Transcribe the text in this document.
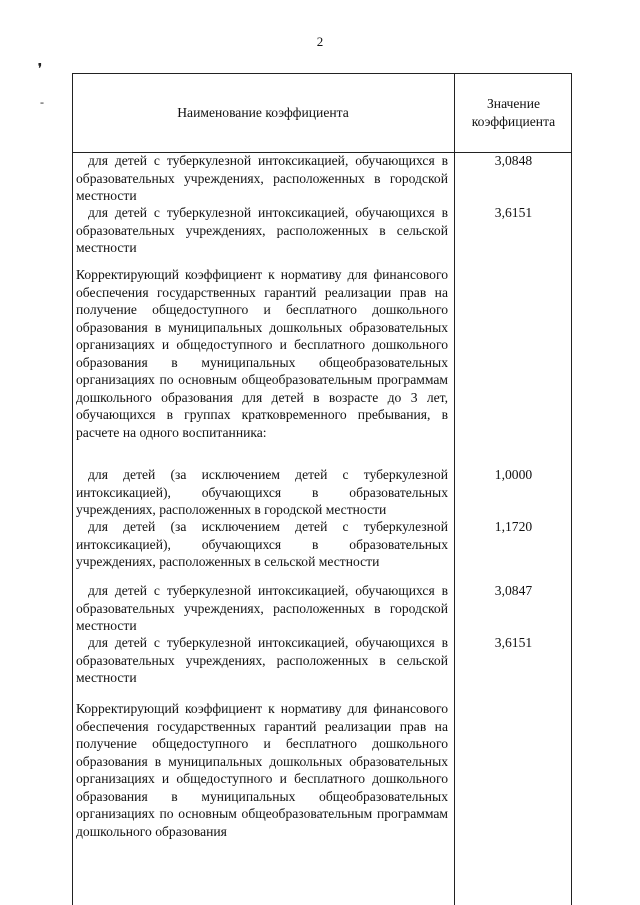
2
❜
-
Наименование коэффициента
Значение коэффициента
для детей с туберкулезной интоксикацией, обучающихся в образовательных учреждениях, расположенных в городской местности
3,0848
для детей с туберкулезной интоксикацией, обучающихся в образовательных учреждениях, расположенных в сельской местности
3,6151
Корректирующий коэффициент к нормативу для финансового обеспечения государственных гарантий реализации прав на получение общедоступного и бесплатного дошкольного образования в муниципальных дошкольных образовательных организациях и общедоступного и бесплатного дошкольного образования в муниципальных общеобразовательных организациях по основным общеобразовательным программам дошкольного образования для детей в возрасте до 3 лет, обучающихся в группах кратковременного пребывания, в расчете на одного воспитанника:
для детей (за исключением детей с туберкулезной интоксикацией), обучающихся в образовательных учреждениях, расположенных в городской местности
1,0000
для детей (за исключением детей с туберкулезной интоксикацией), обучающихся в образовательных учреждениях, расположенных в сельской местности
1,1720
для детей с туберкулезной интоксикацией, обучающихся в образовательных учреждениях, расположенных в городской местности
3,0847
для детей с туберкулезной интоксикацией, обучающихся в образовательных учреждениях, расположенных в сельской местности
3,6151
Корректирующий коэффициент к нормативу для финансового обеспечения государственных гарантий реализации прав на получение общедоступного и бесплатного дошкольного образования в муниципальных дошкольных образовательных организациях и общедоступного и бесплатного дошкольного образования в муниципальных общеобразовательных организациях по основным общеобразовательным программам дошкольного образования
